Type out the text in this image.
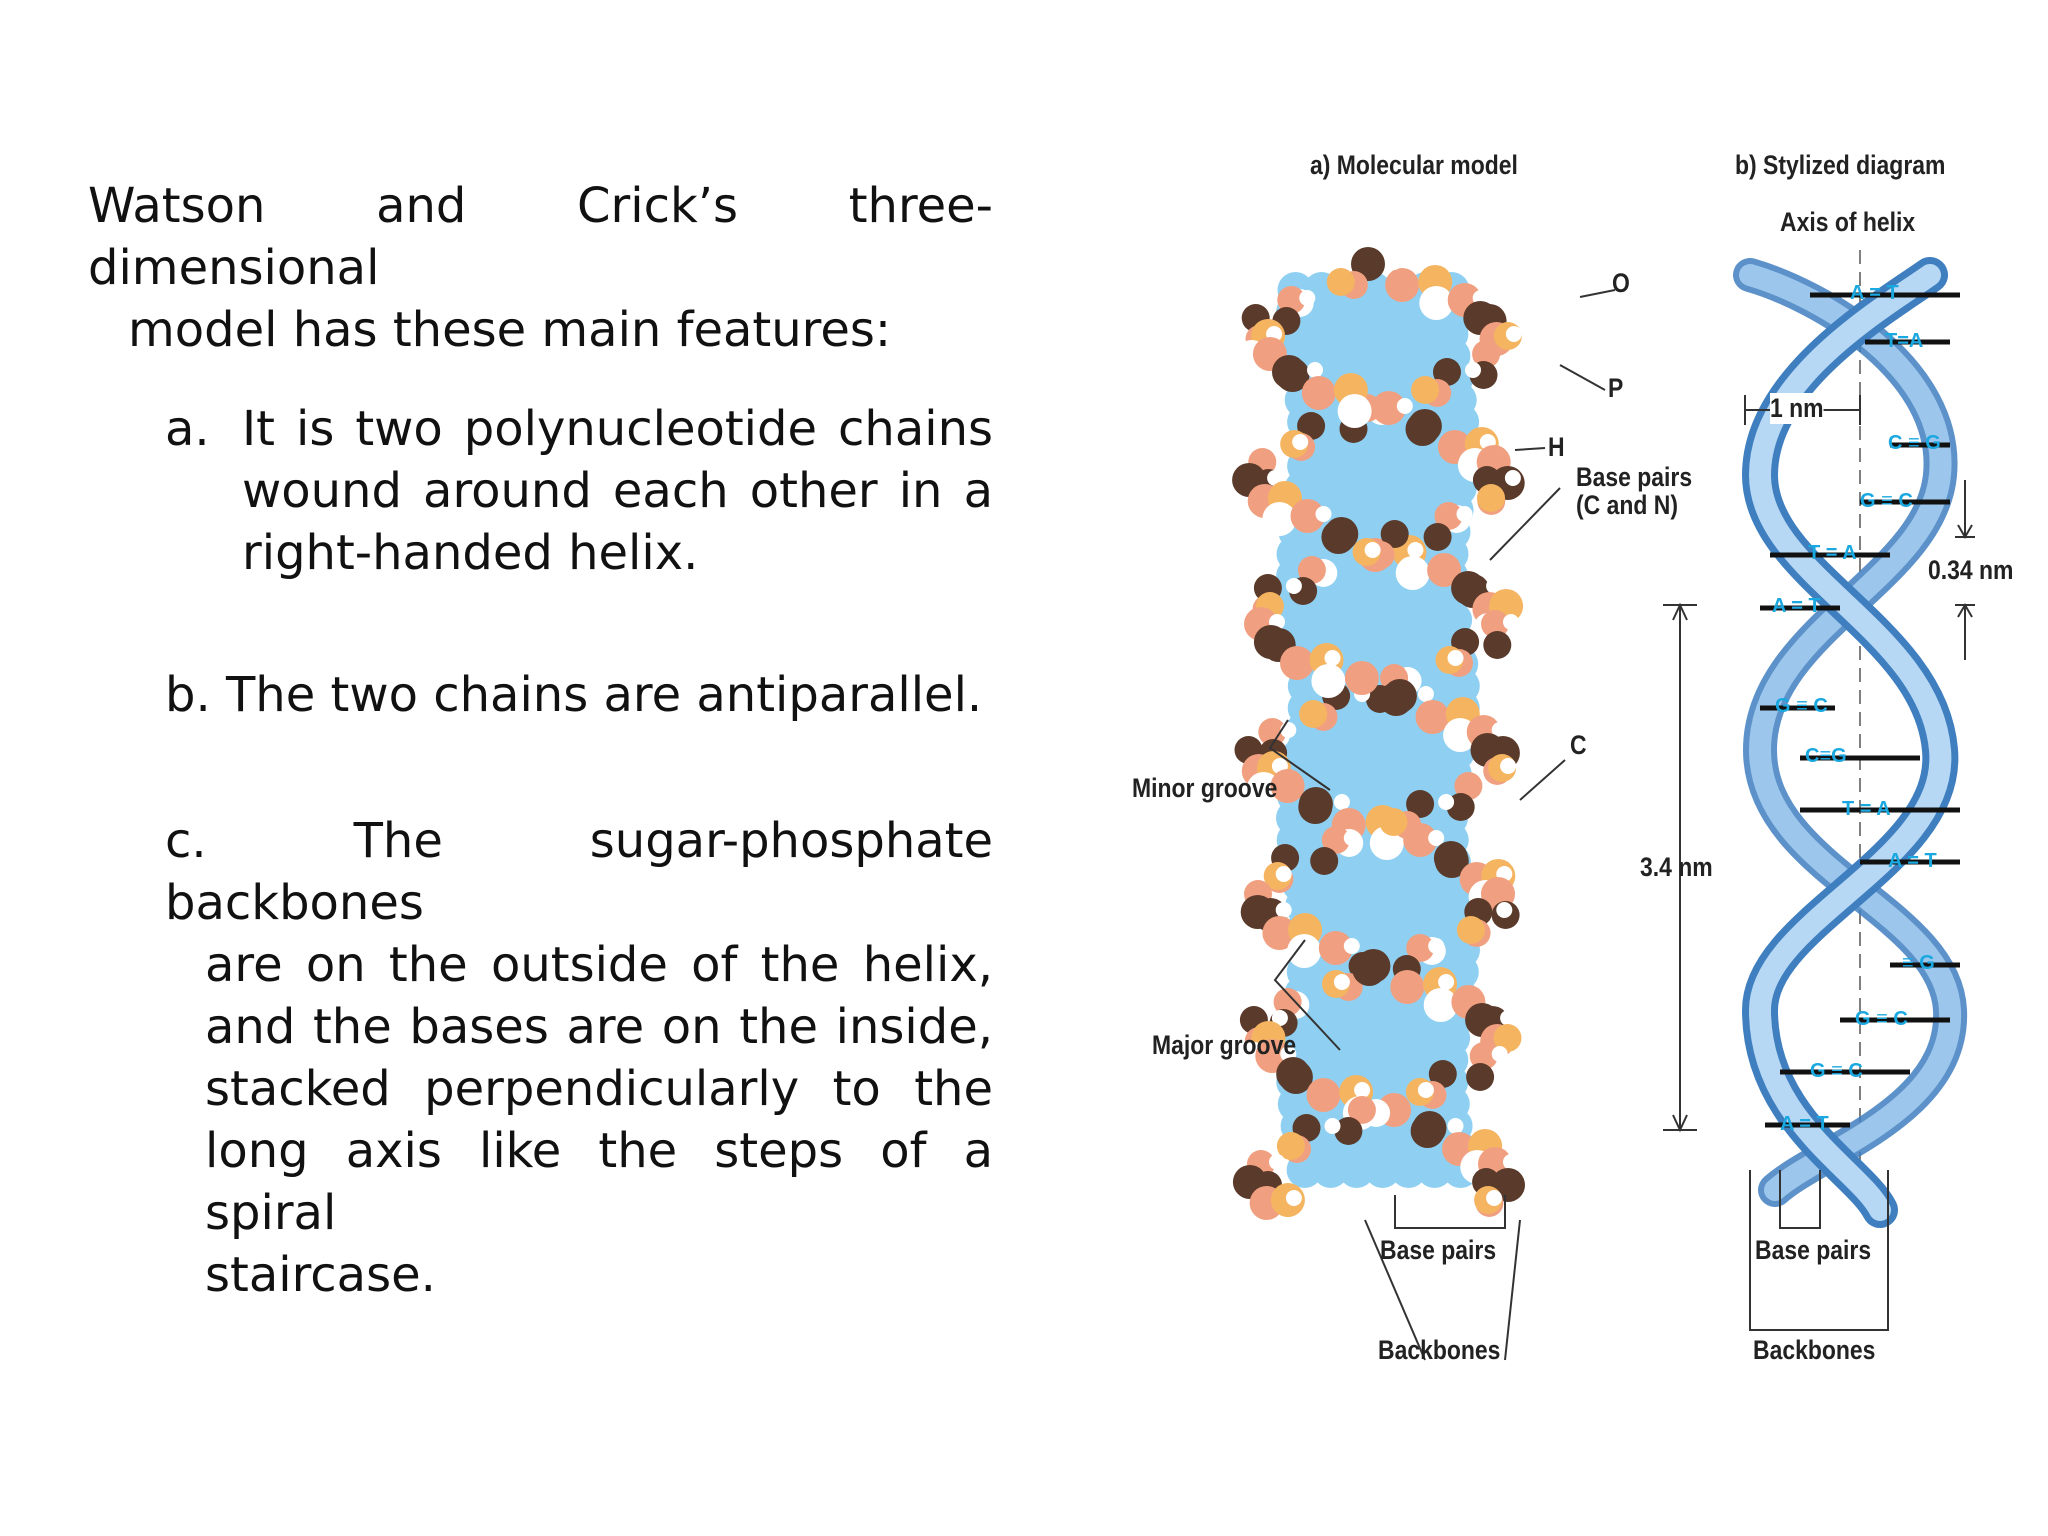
Watson and Crick’s three-dimensional

model has these main features:

a. It is two polynucleotide chains
wound around each other in a
right-handed helix.
b. The two chains are antiparallel.
c. The sugar-phosphate backbones
are on the outside of the helix,
and the bases are on the inside,
stacked perpendicularly to the
long axis like the steps of a spiral
staircase.
a) Molecular model	b) Stylized diagram
Axis of helix
O
P
H
Base pairs
(C and N)
C
Minor groove
Major groove
3.4 nm
1 nm
0.34 nm
Base pairs
Backbones
Base pairs
Backbones
A = T
T=A
C ≡ G
G ≡ C
T = A
A = T
G ≡ C
C≡G
T = A
A = T
≡ G
G ≡ C
G ≡ C
A = T
